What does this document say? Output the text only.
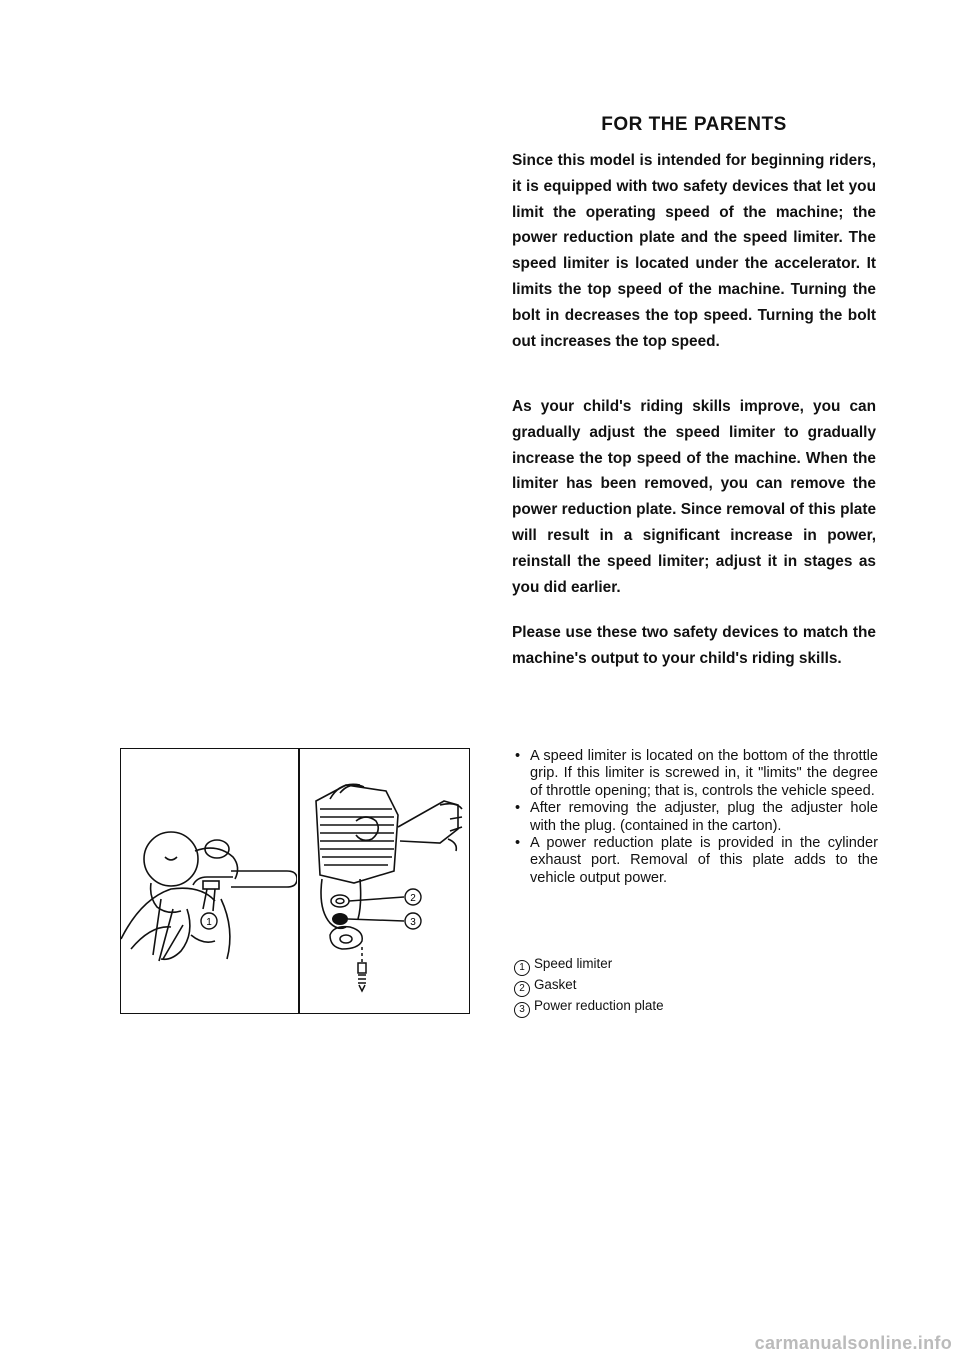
FOR THE PARENTS

Since this model is intended for beginning riders, it is equipped with two safety devices that let you limit the operating speed of the machine; the power reduction plate and the speed limiter. The speed limiter is located under the accelerator. It limits the top speed of the machine. Turning the bolt in decreases the top speed. Turning the bolt out increases the top speed.

As your child's riding skills improve, you can gradually adjust the speed limiter to gradually increase the top speed of the machine. When the limiter has been removed, you can remove the power reduction plate. Since removal of this plate will result in a significant increase in power, reinstall the speed limiter; adjust it in stages as you did earlier.

Please use these two safety devices to match the machine's output to your child's riding skills.

1
2
3
• A speed limiter is located on the bottom of the throttle grip. If this limiter is screwed in, it "limits" the degree of throttle opening; that is, controls the vehicle speed.
• After removing the adjuster, plug the adjuster hole with the plug. (contained in the carton).
• A power reduction plate is provided in the cylinder exhaust port. Removal of this plate adds to the vehicle output power.
1 Speed limiter
2 Gasket
3 Power reduction plate
carmanualsonline.info
